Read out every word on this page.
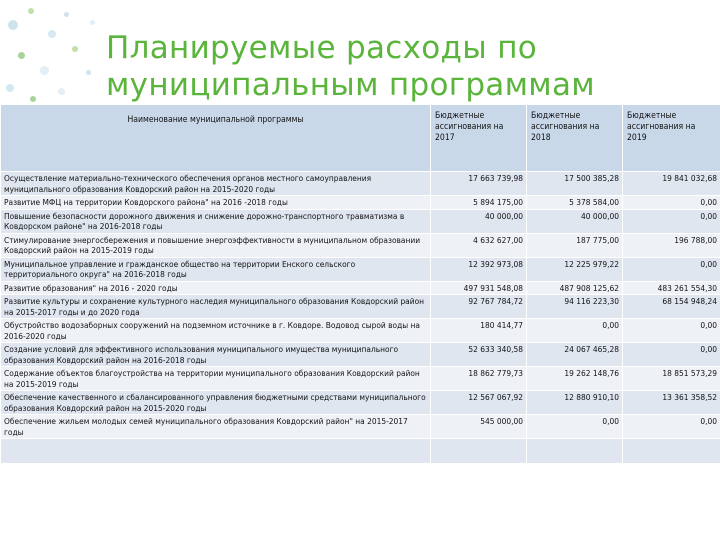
Планируемые расходы по
муниципальным программам
Наименование муниципальной программы	Бюджетные ассигнования на 2017	Бюджетные ассигнования на 2018	Бюджетные ассигнования на 2019
Осуществление материально-технического обеспечения органов местного самоуправления муниципального образования Ковдорский район на 2015-2020 годы	17 663 739,98	17 500 385,28	19 841 032,68
Развитие МФЦ на территории Ковдорского района" на 2016 -2018 годы	5 894 175,00	5 378 584,00	0,00
Повышение безопасности дорожного движения и снижение дорожно-транспортного травматизма в Ковдорском районе" на 2016-2018 годы	40 000,00	40 000,00	0,00
Стимулирование энергосбережения и повышение энергоэффективности в муниципальном образовании Ковдорский район на 2015-2019 годы	4 632 627,00	187 775,00	196 788,00
Муниципальное управление и гражданское общество на территории Енского сельского территориального округа" на 2016-2018 годы	12 392 973,08	12 225 979,22	0,00
Развитие образования" на 2016 - 2020 годы	497 931 548,08	487 908 125,62	483 261 554,30
Развитие культуры и сохранение культурного наследия муниципального образования Ковдорский район на 2015-2017 годы и до 2020 года	92 767 784,72	94 116 223,30	68 154 948,24
Обустройство водозаборных сооружений на подземном источнике в г. Ковдоре. Водовод сырой воды на 2016-2020 годы	180 414,77	0,00	0,00
Создание условий для эффективного использования муниципального имущества муниципального образования Ковдорский район на 2016-2018 годы	52 633 340,58	24 067 465,28	0,00
Содержание объектов благоустройства на территории муниципального образования Ковдорский район на 2015-2019 годы	18 862 779,73	19 262 148,76	18 851 573,29
Обеспечение качественного и сбалансированного управления бюджетными средствами муниципального образования Ковдорский район на 2015-2020 годы	12 567 067,92	12 880 910,10	13 361 358,52
Обеспечение жильем молодых семей муниципального образования Ковдорский район" на 2015-2017 годы	545 000,00	0,00	0,00
